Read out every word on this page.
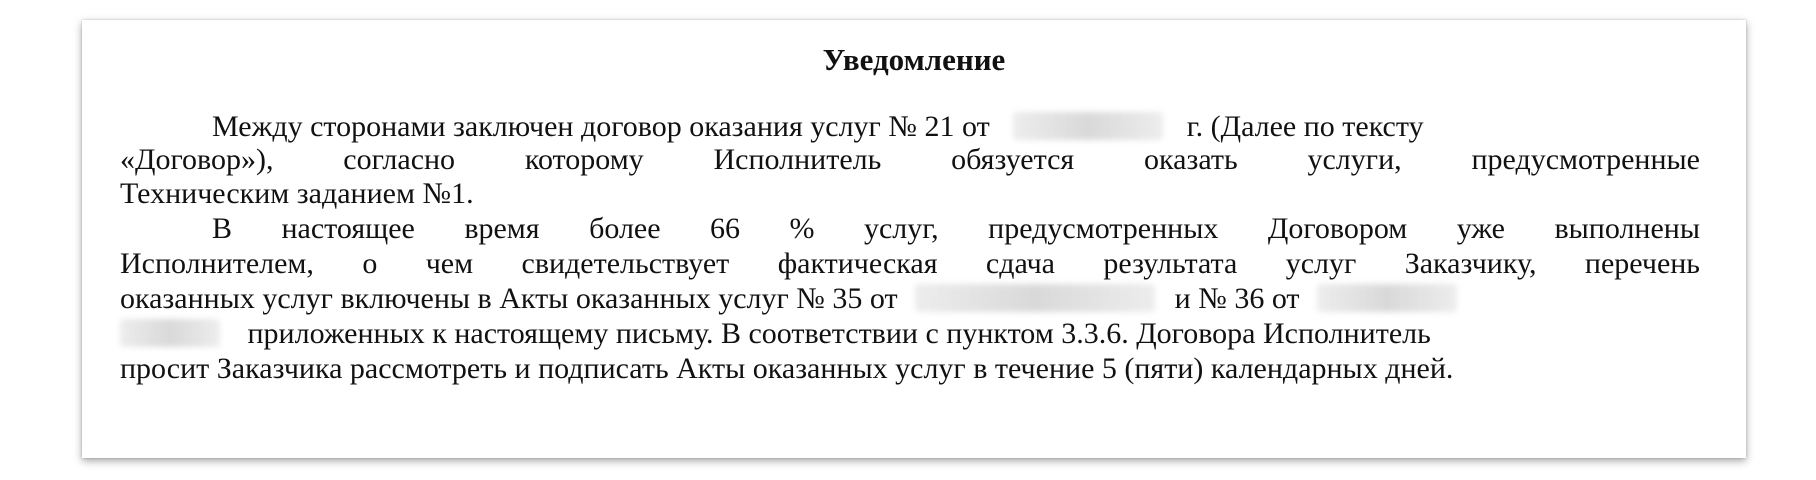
Уведомление
Между сторонами заключен договор оказания услуг № 21 от	г. (Далее по тексту
«Договор»), согласно которому Исполнитель обязуется оказать услуги, предусмотренные
Техническим заданием №1.
В настоящее время более 66 % услуг, предусмотренных Договором уже выполнены
Исполнителем, о чем свидетельствует фактическая сдача результата услуг Заказчику, перечень
оказанных услуг включены в Акты оказанных услуг № 35 от	и № 36 от
приложенных к настоящему письму. В соответствии с пунктом 3.3.6. Договора Исполнитель
просит Заказчика рассмотреть и подписать Акты оказанных услуг в течение 5 (пяти) календарных дней.
